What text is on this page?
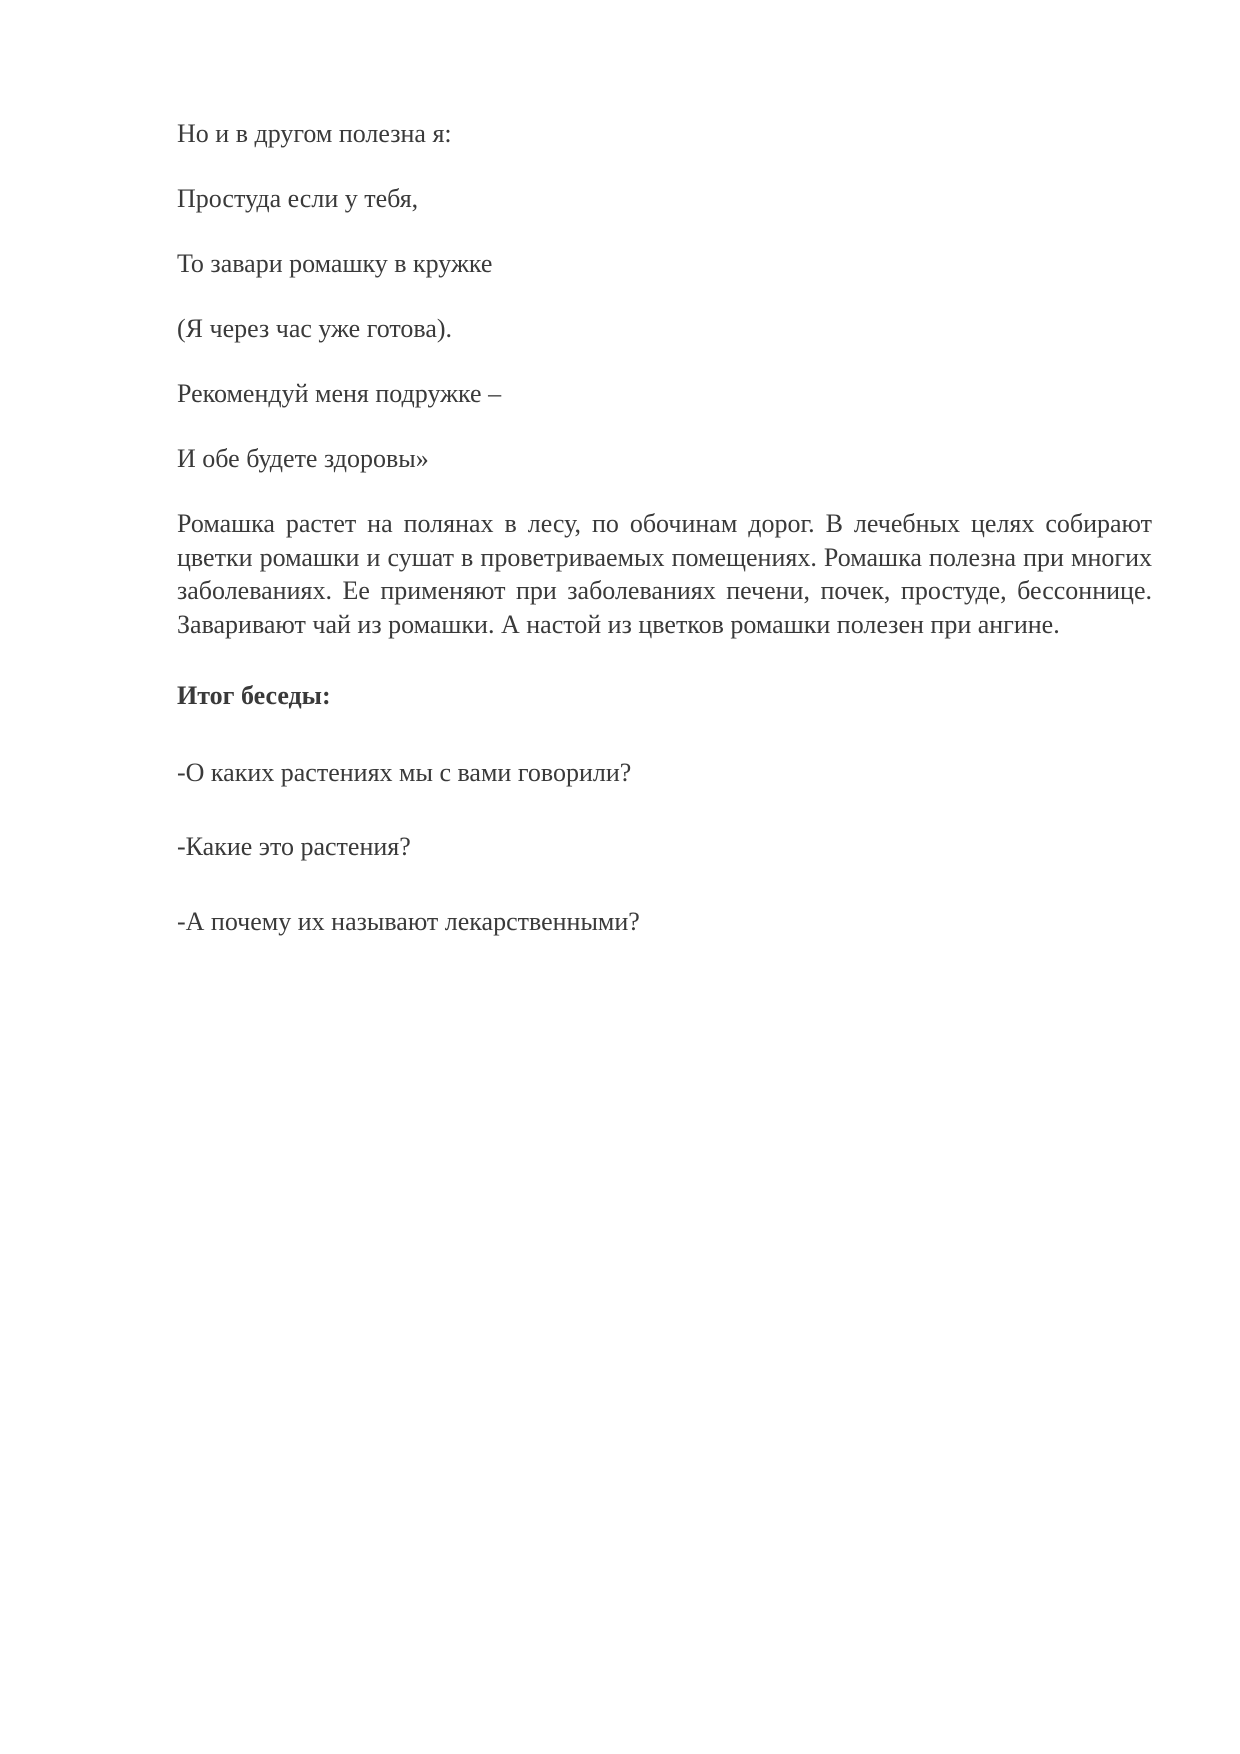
Но и в другом полезна я:

Простуда если у тебя,

То завари ромашку в кружке

(Я через час уже готова).

Рекомендуй меня подружке –

И обе будете здоровы»

Ромашка растет на полянах в лесу, по обочинам дорог. В лечебных целях собирают цветки ромашки и сушат в проветриваемых помещениях. Ромашка полезна при многих заболеваниях. Ее применяют при заболеваниях печени, почек, простуде, бессоннице. Заваривают чай из ромашки. А настой из цветков ромашки полезен при ангине.

Итог беседы:

-О каких растениях мы с вами говорили?

-Какие это растения?

-А почему их называют лекарственными?
